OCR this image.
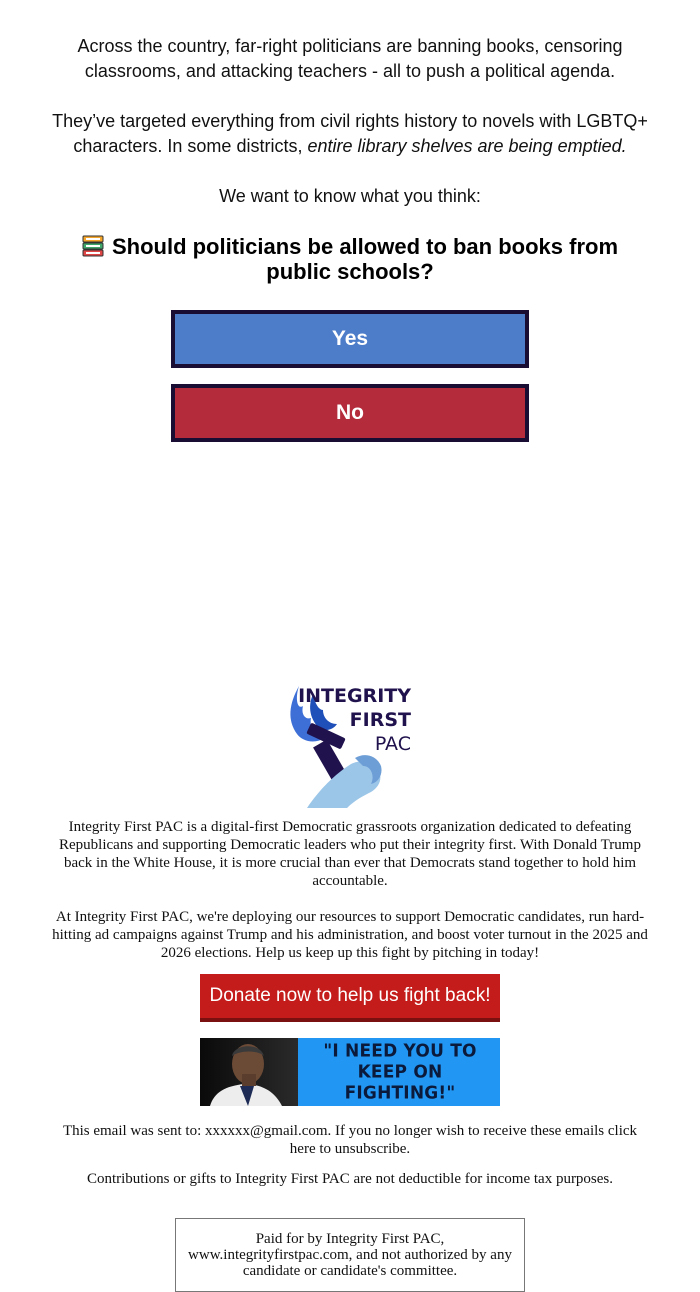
Across the country, far-right politicians are banning books, censoring classrooms, and attacking teachers - all to push a political agenda.

They’ve targeted everything from civil rights history to novels with LGBTQ+ characters. In some districts, entire library shelves are being emptied.

We want to know what you think:

Should politicians be allowed to ban books from public schools?
Yes
No
INTEGRITY
FIRST
PAC

Integrity First PAC is a digital-first Democratic grassroots organization dedicated to defeating Republicans and supporting Democratic leaders who put their integrity first. With Donald Trump back in the White House, it is more crucial than ever that Democrats stand together to hold him accountable.

At Integrity First PAC, we're deploying our resources to support Democratic candidates, run hard-hitting ad campaigns against Trump and his administration, and boost voter turnout in the 2025 and 2026 elections. Help us keep up this fight by pitching in today!

Donate now to help us fight back!
"I NEED YOU TO KEEP ON FIGHTING!"

This email was sent to: xxxxxx@gmail.com. If you no longer wish to receive these emails click here to unsubscribe.

Contributions or gifts to Integrity First PAC are not deductible for income tax purposes.

Paid for by Integrity First PAC, www.integrityfirstpac.com, and not authorized by any candidate or candidate's committee.
